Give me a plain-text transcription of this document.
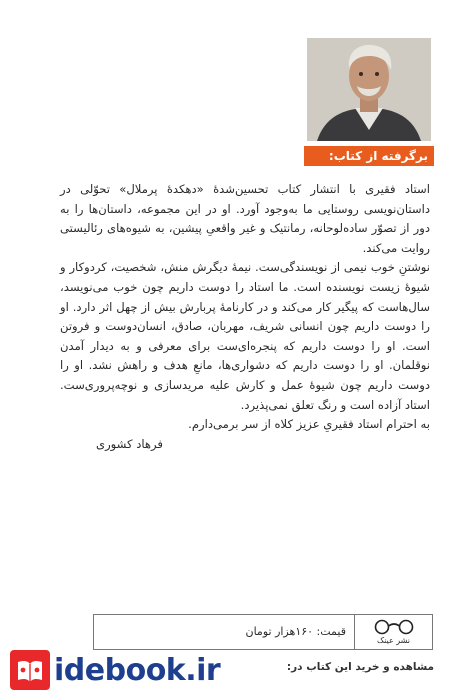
برگرفته از کتاب:

استاد فقیری با انتشار کتاب تحسین‌شدهٔ «دهکدهٔ پرملال» تحوّلی در داستان‌نویسی روستایی ما به‌وجود آورد. او در این مجموعه، داستان‌ها را به دور از تصوّر ساده‌لوحانه، رمانتیک و غیر واقعیِ پیشین، به شیوه‌های رئالیستی روایت می‌کند.

نوشتنِ خوب نیمی از نویسندگی‌ست. نیمهٔ دیگرش منش، شخصیت، کردوکار و شیوهٔ زیست نویسنده است. ما استاد را دوست داریم چون خوب می‌نویسد، سال‌هاست که پیگیر کار می‌کند و در کارنامهٔ پربارش بیش از چهل اثر دارد. او را دوست داریم چون انسانی شریف، مهربان، صادق، انسان‌دوست و فروتن است. او را دوست داریم که پنجره‌ای‌ست برای معرفی و به دیدار آمدن نوقلمان. او را دوست داریم که دشواری‌ها، مانعِ هدف و راهش نشد. او را دوست داریم چون شیوهٔ عمل و کارش علیه مریدسازی و نوچه‌پروری‌ست. استاد آزاده است و رنگ تعلق نمی‌پذیرد.

به احترام استاد فقیریِ عزیز کلاه از سر برمی‌دارم.

فرهاد کشوری

قیمت: ۱۶۰هزار تومان
نشر عینک
idebook.ir	مشاهده و خرید این کتاب در:
